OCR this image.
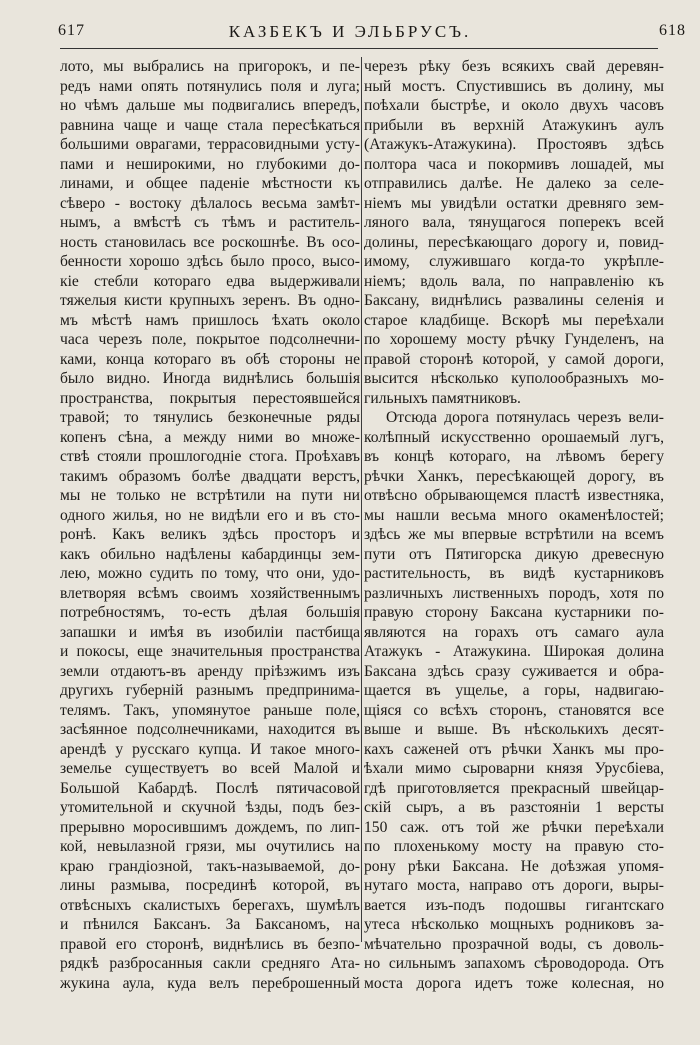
617	КАЗБЕКЪ И ЭЛЬБРУСЪ.	618
лото, мы выбрались на пригорокъ, и пе-
редъ нами опять потянулись поля и луга;
но чѣмъ дальше мы подвигались впередъ,
равнина чаще и чаще стала пересѣкаться
большими оврагами, террасовидными усту-
пами и неширокими, но глубокими до-
линами, и общее паденіе мѣстности къ
сѣверо - востоку дѣлалось весьма замѣт-
нымъ, а вмѣстѣ съ тѣмъ и раститель-
ность становилась все роскошнѣе. Въ осо-
бенности хорошо здѣсь было просо, высо-
кіе стебли котораго едва выдерживали
тяжелыя кисти крупныхъ зеренъ. Въ одно-
мъ мѣстѣ намъ пришлось ѣхать около
часа черезъ поле, покрытое подсолнечни-
ками, конца котораго въ обѣ стороны не
было видно. Иногда виднѣлись большія
пространства, покрытыя перестоявшейся
травой; то тянулись безконечные ряды
копенъ сѣна, а между ними во множе-
ствѣ стояли прошлогодніе стога. Проѣхавъ
такимъ образомъ болѣе двадцати верстъ,
мы не только не встрѣтили на пути ни
одного жилья, но не видѣли его и въ сто-
ронѣ. Какъ великъ здѣсь просторъ и
какъ обильно надѣлены кабардинцы зем-
лею, можно судить по тому, что они, удо-
влетворяя всѣмъ своимъ хозяйственнымъ
потребностямъ, то-есть дѣлая большія
запашки и имѣя въ изобиліи пастбища
и покосы, еще значительныя пространства
земли отдаютъ-въ аренду пріѣзжимъ изъ
другихъ губерній разнымъ предпринима-
телямъ. Такъ, упомянутое раньше поле,
засѣянное подсолнечниками, находится въ
арендѣ у русскаго купца. И такое много-
земелье существуетъ во всей Малой и
Большой Кабардѣ. Послѣ пятичасовой
утомительной и скучной ѣзды, подъ без-
прерывно моросившимъ дождемъ, по лип-
кой, невылазной грязи, мы очутились на
краю грандіозной, такъ-называемой, до-
лины размыва, посрединѣ которой, въ
отвѣсныхъ скалистыхъ берегахъ, шумѣлъ
и пѣнился Баксанъ. За Баксаномъ, на
правой его сторонѣ, виднѣлись въ безпо-
рядкѣ разбросанныя сакли средняго Ата-
жукина аула, куда велъ переброшенный
черезъ рѣку безъ всякихъ свай деревян-
ный мостъ. Спустившись въ долину, мы
поѣхали быстрѣе, и около двухъ часовъ
прибыли въ верхній Атажукинъ аулъ
(Атажукъ-Атажукина). Простоявъ здѣсь
полтора часа и покормивъ лошадей, мы
отправились далѣе. Не далеко за селе-
ніемъ мы увидѣли остатки древняго зем-
ляного вала, тянущагося поперекъ всей
долины, пересѣкающаго дорогу и, повид-
имому, служившаго когда-то укрѣпле-
ніемъ; вдоль вала, по направленію къ
Баксану, виднѣлись развалины селенія и
старое кладбище. Вскорѣ мы переѣхали
по хорошему мосту рѣчку Гунделенъ, на
правой сторонѣ которой, у самой дороги,
высится нѣсколько куполообразныхъ мо-
гильныхъ памятниковъ.
Отсюда дорога потянулась черезъ вели-
колѣпный искусственно орошаемый лугъ,
въ концѣ котораго, на лѣвомъ берегу
рѣчки Ханкъ, пересѣкающей дорогу, въ
отвѣсно обрывающемся пластѣ известняка,
мы нашли весьма много окаменѣлостей;
здѣсь же мы впервые встрѣтили на всемъ
пути отъ Пятигорска дикую древесную
растительность, въ видѣ кустарниковъ
различныхъ лиственныхъ породъ, хотя по
правую сторону Баксана кустарники по-
являются на горахъ отъ самаго аула
Атажукъ - Атажукина. Широкая долина
Баксана здѣсь сразу суживается и обра-
щается въ ущелье, а горы, надвигаю-
щіяся со всѣхъ сторонъ, становятся все
выше и выше. Въ нѣсколькихъ десят-
кахъ саженей отъ рѣчки Ханкъ мы про-
ѣхали мимо сыроварни князя Урусбіева,
гдѣ приготовляется прекрасный швейцар-
скій сыръ, а въ разстояніи 1 версты
150 саж. отъ той же рѣчки переѣхали
по плохенькому мосту на правую сто-
рону рѣки Баксана. Не доѣзжая упомя-
нутаго моста, направо отъ дороги, выры-
вается изъ-подъ подошвы гигантскаго
утеса нѣсколько мощныхъ родниковъ за-
мѣчательно прозрачной воды, съ доволь-
но сильнымъ запахомъ сѣроводорода. Отъ
моста дорога идетъ тоже колесная, но
